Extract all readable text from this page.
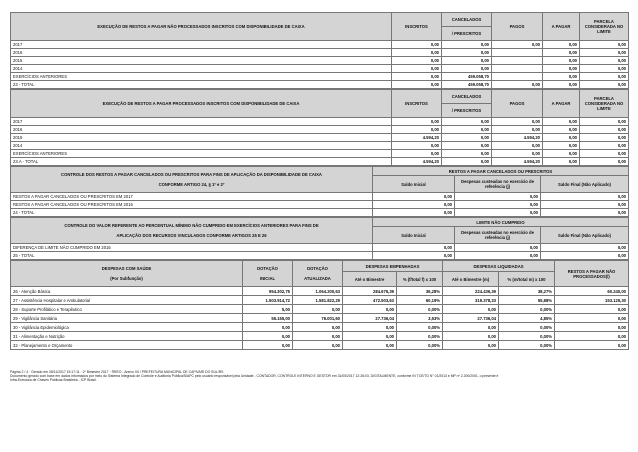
EXECUÇÃO DE RESTOS A PAGAR NÃO PROCESSADOS INSCRITOS COM DISPONIBILIDADE DE CAIXA	INSCRITOS	CANCELADOS	PAGOS	A PAGAR	PARCELA CONSIDERADA NO LIMITE
		/ PRESCRITOS			
2017	0,00	0,00	0,00	0,00	0,00
2016	0,00	0,00		0,00	0,00
2015	0,00	0,00		0,00	0,00
2014	0,00	0,00		0,00	0,00
EXERCÍCIOS ANTERIORES	0,00	459.058,70		0,00	0,00
23 - TOTAL	0,00	459.058,70	0,00	0,00	0,00
EXECUÇÃO DE RESTOS A PAGAR PROCESSADOS INSCRITOS COM DISPONIBILIDADE DE CAIXA	INSCRITOS	CANCELADOS	PAGOS	A PAGAR	PARCELA CONSIDERADA NO LIMITE
		/ PRESCRITOS			
2017	0,00	0,00	0,00	0,00	0,00
2016	0,00	0,00	0,00	0,00	0,00
2015	4.594,20	0,00	4.594,20	0,00	0,00
2014	0,00	0,00	0,00	0,00	0,00
EXERCÍCIOS ANTERIORES	0,00	0,00	0,00	0,00	0,00
23.A - TOTAL	4.594,20	0,00	4.594,20	0,00	0,00
CONTROLE DOS RESTOS A PAGAR CANCELADOS OU PRESCRITOS PARA FINS DE APLICAÇÃO DA DISPONIBILIDADE DE CAIXA

CONFORME ARTIGO 24, § 1º e 2º	RESTOS A PAGAR CANCELADOS OU PRESCRITOS		
	Saldo Inicial	Despesas custeadas no exercício de referência (j)	Saldo Final (Não Aplicado)
RESTOS A PAGAR CANCELADOS OU PRESCRITOS EM 2017	0,00	0,00	0,00
RESTOS A PAGAR CANCELADOS OU PRESCRITOS EM 2016	0,00	0,00	0,00
24 - TOTAL	0,00	0,00	0,00
CONTROLE DO VALOR REFERENTE AO PERCENTUAL MÍNIMO NÃO CUMPRIDO EM EXERCÍCIOS ANTERIORES PARA FINS DE

APLICAÇÃO DOS RECURSOS VINCULADOS CONFORME ARTIGOS 25 E 26	LIMITE NÃO CUMPRIDO		
	Saldo Inicial	Despesas custeadas no exercício de referência (j)	Saldo Final (Não Aplicado)
DIFERENÇA DE LIMITE NÃO CUMPRIDO EM 2016	0,00	0,00	0,00
25 - TOTAL	0,00	0,00	0,00
DESPESAS COM SAÚDE

(Por Subfunção)	DOTAÇÃO

INICIAL	DOTAÇÃO

ATUALIZADA	DESPESAS EMPENHADAS		DESPESAS LIQUIDADAS		RESTOS A PAGAR NÃO PROCESSADOS(l)
			Até o Bimestre	% (f/total f) x 100	Até o Bimestre (m)	% (m/total m) x 100	
26 - Atenção Básica	954.302,75	1.064.200,63	284.676,39	36,28%	224.436,39	38,27%	60.240,00
27 - Assistência Hospitalar e Ambulatorial	1.503.914,72	1.581.822,29	472.503,63	60,19%	319.378,33	55,88%	153.125,30
28 - Suporte Profilático e Terapêutico	5,00	0,00	0,00	0,00%	0,00	0,00%	0,00
29 - Vigilância Sanitária	55.155,00	76.001,60	27.736,04	3,53%	27.736,04	4,85%	0,00
30 - Vigilância Epidemiológica	0,00	0,00	0,00	0,00%	0,00	0,00%	0,00
31 - Alimentação e Nutrição	0,00	0,00	0,00	0,00%	0,00	0,00%	0,00
32 - Planejamento e Orçamento	0,00	0,00	0,00	0,00%	0,00	0,00%	0,00
Página 2 / 4 · Gerado em 08/11/2017 15:17:11 · 2º Bimestre 2017 · RREO - Anexo XII / PREFEITURA MUNICIPAL DE CAPIVARI DO SUL/RS
Documento gerado com base em dados informados por meio do Sistema Integrado de Controle e Auditoria Pública/SIAPC pelo usuário responsável pela Unidade - CONTADOR, CONTROLE INTERNO E GESTOR em 31/05/2017 12:28:03, DIGITALMENTE, conforme IN TCE/TO N° 01/2013 e MP nº 2.200/2001, o presente é
Infra-Estrutura de Chaves Públicas Brasileira - ICP Brasil.
